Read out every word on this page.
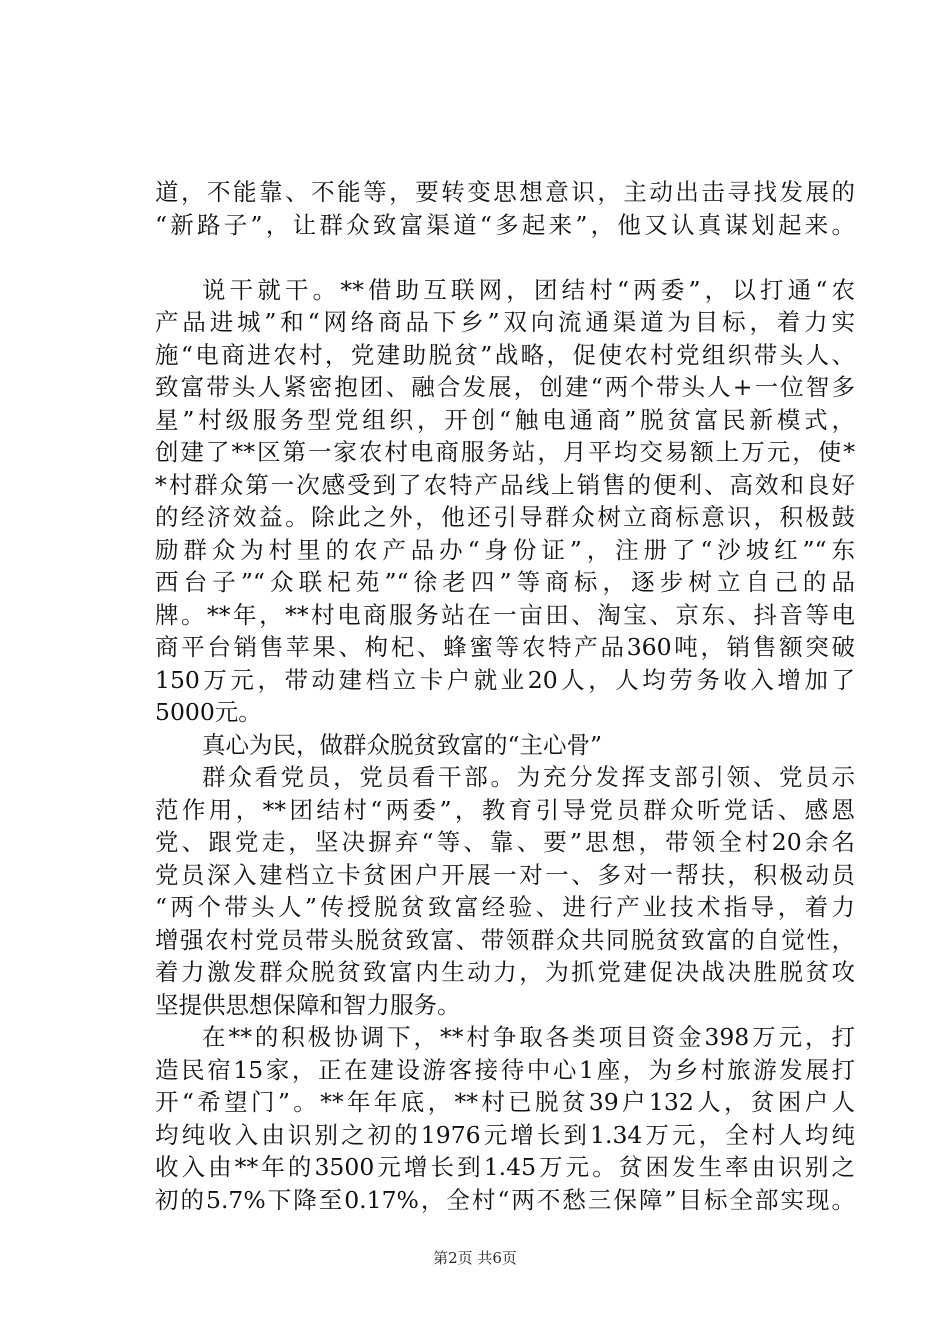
道，不能靠、不能等，要转变思想意识，主动出击寻找发展的
“新路子”，让群众致富渠道“多起来”，他又认真谋划起来。
说干就干。**借助互联网，团结村“两委”，以打通“农
产品进城”和“网络商品下乡”双向流通渠道为目标，着力实
施“电商进农村，党建助脱贫”战略，促使农村党组织带头人、
致富带头人紧密抱团、融合发展，创建“两个带头人+一位智多
星”村级服务型党组织，开创“触电通商”脱贫富民新模式，
创建了**区第一家农村电商服务站，月平均交易额上万元，使*
*村群众第一次感受到了农特产品线上销售的便利、高效和良好
的经济效益。除此之外，他还引导群众树立商标意识，积极鼓
励群众为村里的农产品办“身份证”，注册了“沙坡红”“东
西台子”“众联杞苑”“徐老四”等商标，逐步树立自己的品
牌。**年，**村电商服务站在一亩田、淘宝、京东、抖音等电
商平台销售苹果、枸杞、蜂蜜等农特产品360吨，销售额突破
150万元，带动建档立卡户就业20人，人均劳务收入增加了
5000元。
真心为民，做群众脱贫致富的“主心骨”
群众看党员，党员看干部。为充分发挥支部引领、党员示
范作用，**团结村“两委”，教育引导党员群众听党话、感恩
党、跟党走，坚决摒弃“等、靠、要”思想，带领全村20余名
党员深入建档立卡贫困户开展一对一、多对一帮扶，积极动员
“两个带头人”传授脱贫致富经验、进行产业技术指导，着力
增强农村党员带头脱贫致富、带领群众共同脱贫致富的自觉性，
着力激发群众脱贫致富内生动力，为抓党建促决战决胜脱贫攻
坚提供思想保障和智力服务。
在**的积极协调下，**村争取各类项目资金398万元，打
造民宿15家，正在建设游客接待中心1座，为乡村旅游发展打
开“希望门”。**年年底，**村已脱贫39户132人，贫困户人
均纯收入由识别之初的1976元增长到1.34万元，全村人均纯
收入由**年的3500元增长到1.45万元。贫困发生率由识别之
初的5.7%下降至0.17%，全村“两不愁三保障”目标全部实现。
第2页 共6页
